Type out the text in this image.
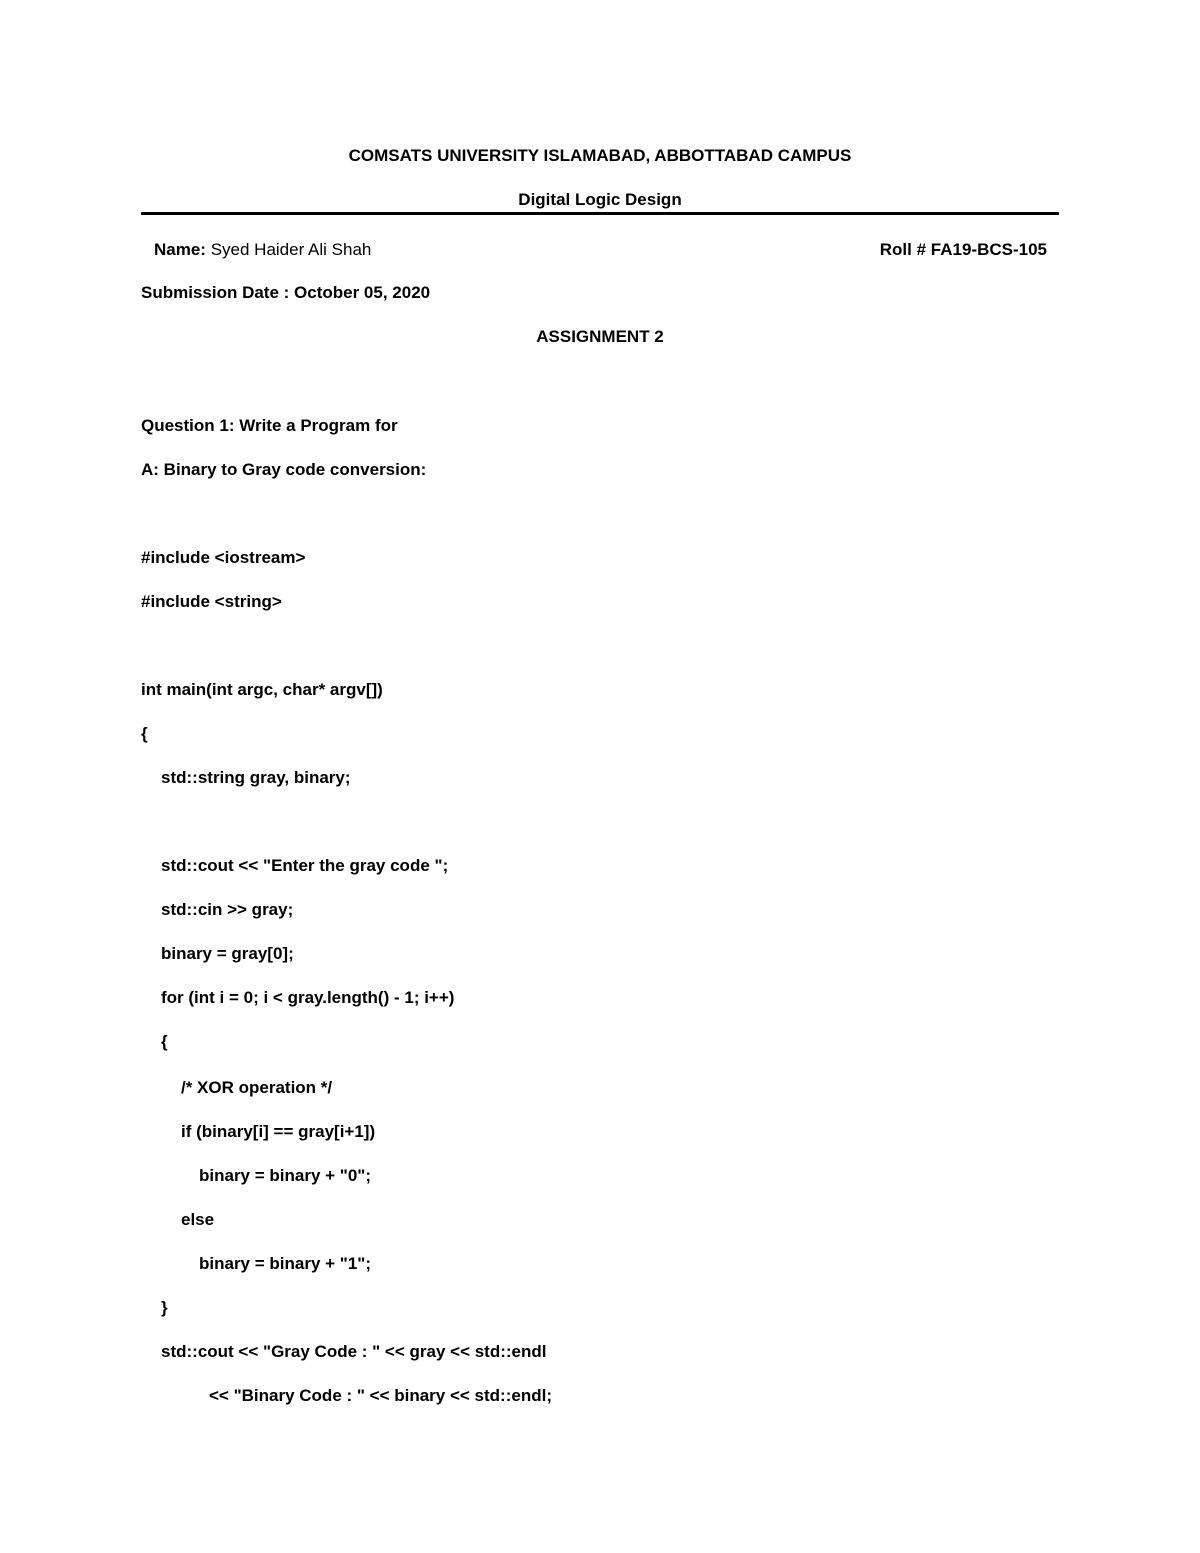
COMSATS UNIVERSITY ISLAMABAD, ABBOTTABAD CAMPUS
Digital Logic Design
Name: Syed Haider Ali Shah	Roll # FA19-BCS-105
Submission Date : October 05, 2020
ASSIGNMENT 2
Question 1: Write a Program for
A: Binary to Gray code conversion:
#include <iostream>
#include <string>
int main(int argc, char* argv[])
{
std::string gray, binary;
std::cout << "Enter the gray code ";
std::cin >> gray;
binary = gray[0];
for (int i = 0; i < gray.length() - 1; i++)
{
/* XOR operation */
if (binary[i] == gray[i+1])
binary = binary + "0";
else
binary = binary + "1";
}
std::cout << "Gray Code : " << gray << std::endl
<< "Binary Code : " << binary << std::endl;
